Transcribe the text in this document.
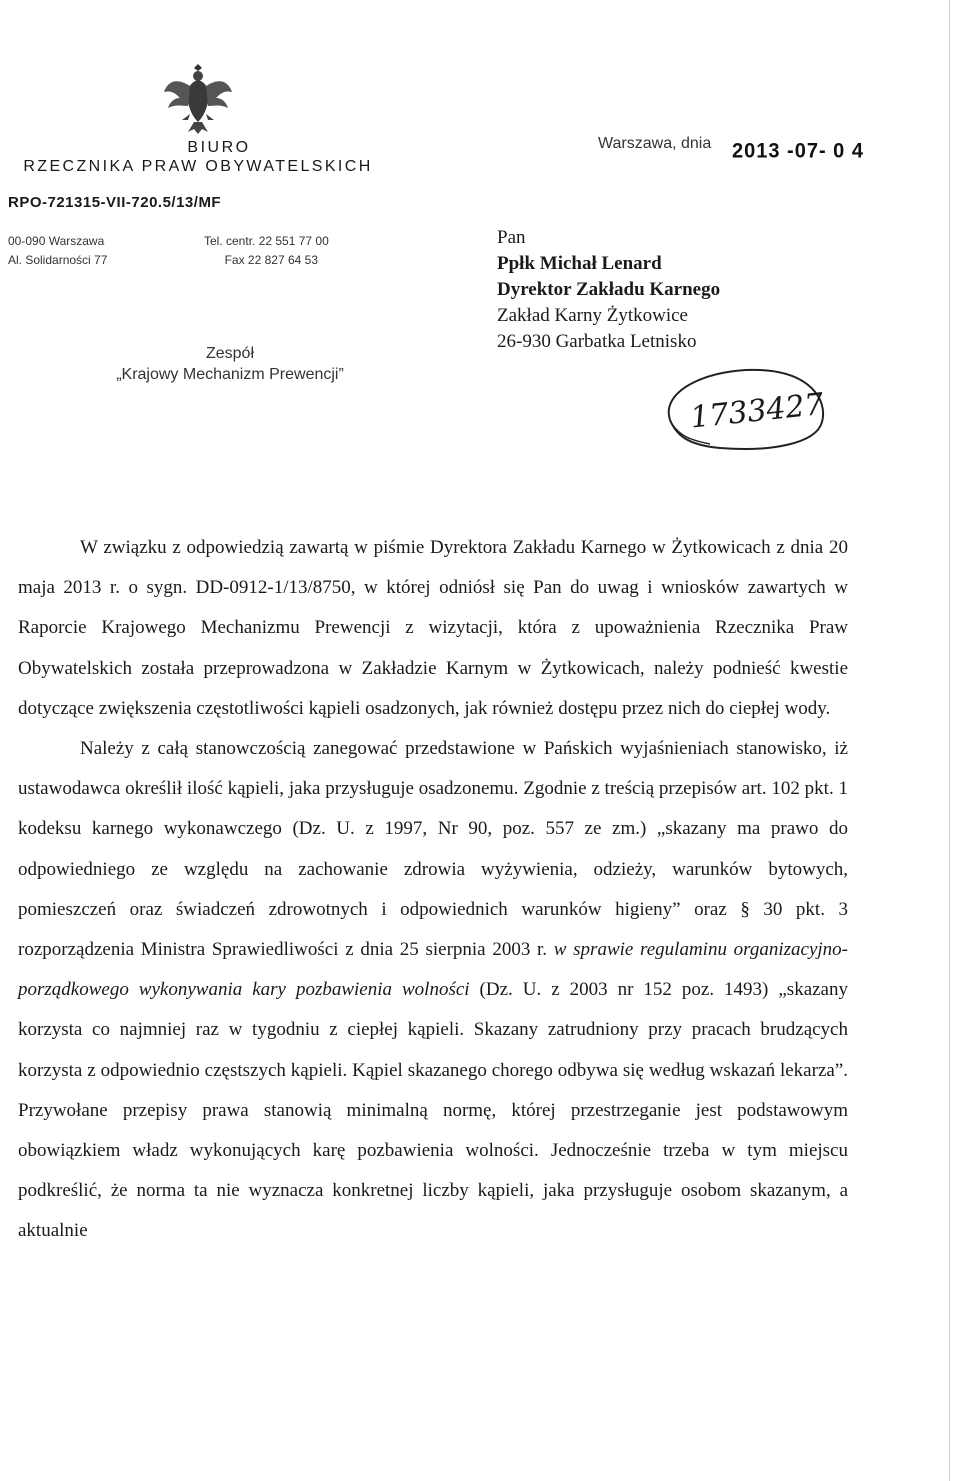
BIURO
RZECZNIKA PRAW OBYWATELSKICH
RPO-721315-VII-720.5/13/MF
00-090 Warszawa
Al. Solidarności 77
Tel. centr. 22 551 77 00
Fax 22 827 64 53
Zespół
„Krajowy Mechanizm Prewencji”
Warszawa, dnia 2013 -07- 0 4
Pan
Ppłk Michał Lenard
Dyrektor Zakładu Karnego
Zakład Karny Żytkowice
26-930 Garbatka Letnisko
1733427

W związku z odpowiedzią zawartą w piśmie Dyrektora Zakładu Karnego w Żytkowicach z dnia 20 maja 2013 r. o sygn. DD-0912-1/13/8750, w której odniósł się Pan do uwag i wniosków zawartych w Raporcie Krajowego Mechanizmu Prewencji z wizytacji, która z upoważnienia Rzecznika Praw Obywatelskich została przeprowadzona w Zakładzie Karnym w Żytkowicach, należy podnieść kwestie dotyczące zwiększenia częstotliwości kąpieli osadzonych, jak również dostępu przez nich do ciepłej wody.

Należy z całą stanowczością zanegować przedstawione w Pańskich wyjaśnieniach stanowisko, iż ustawodawca określił ilość kąpieli, jaka przysługuje osadzonemu. Zgodnie z treścią przepisów art. 102 pkt. 1 kodeksu karnego wykonawczego (Dz. U. z 1997, Nr 90, poz. 557 ze zm.) „skazany ma prawo do odpowiedniego ze względu na zachowanie zdrowia wyżywienia, odzieży, warunków bytowych, pomieszczeń oraz świadczeń zdrowotnych i odpowiednich warunków higieny” oraz § 30 pkt. 3 rozporządzenia Ministra Sprawiedliwości z dnia 25 sierpnia 2003 r. w sprawie regulaminu organizacyjno-porządkowego wykonywania kary pozbawienia wolności (Dz. U. z 2003 nr 152 poz. 1493) „skazany korzysta co najmniej raz w tygodniu z ciepłej kąpieli. Skazany zatrudniony przy pracach brudzących korzysta z odpowiednio częstszych kąpieli. Kąpiel skazanego chorego odbywa się według wskazań lekarza”. Przywołane przepisy prawa stanowią minimalną normę, której przestrzeganie jest podstawowym obowiązkiem władz wykonujących karę pozbawienia wolności. Jednocześnie trzeba w tym miejscu podkreślić, że norma ta nie wyznacza konkretnej liczby kąpieli, jaka przysługuje osobom skazanym, a aktualnie
